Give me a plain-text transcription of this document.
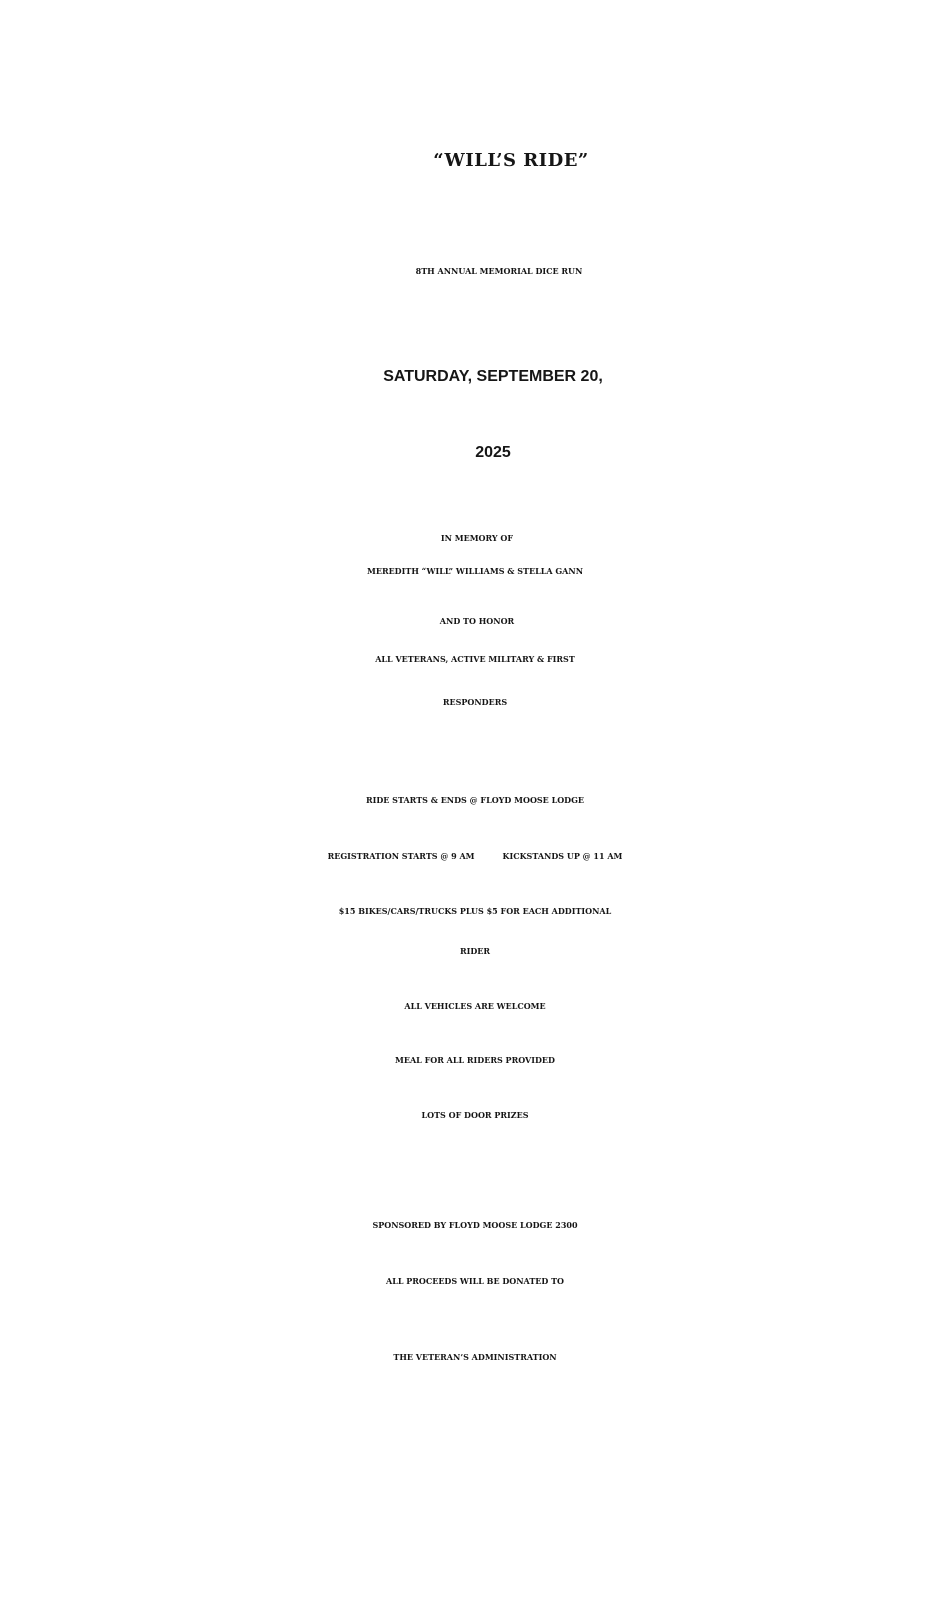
“WILL’S RIDE”
8TH ANNUAL MEMORIAL DICE RUN
SATURDAY, SEPTEMBER 20,
2025
IN MEMORY OF
MEREDITH “WILL” WILLIAMS & STELLA GANN
AND TO HONOR
ALL VETERANS, ACTIVE MILITARY & FIRST
RESPONDERS
RIDE STARTS & ENDS @ FLOYD MOOSE LODGE
REGISTRATION STARTS @ 9 AM	KICKSTANDS UP @ 11 AM
$15 BIKES/CARS/TRUCKS PLUS $5 FOR EACH ADDITIONAL
RIDER
ALL VEHICLES ARE WELCOME
MEAL FOR ALL RIDERS PROVIDED
LOTS OF DOOR PRIZES
SPONSORED BY FLOYD MOOSE LODGE 2300
ALL PROCEEDS WILL BE DONATED TO
THE VETERAN’S ADMINISTRATION
